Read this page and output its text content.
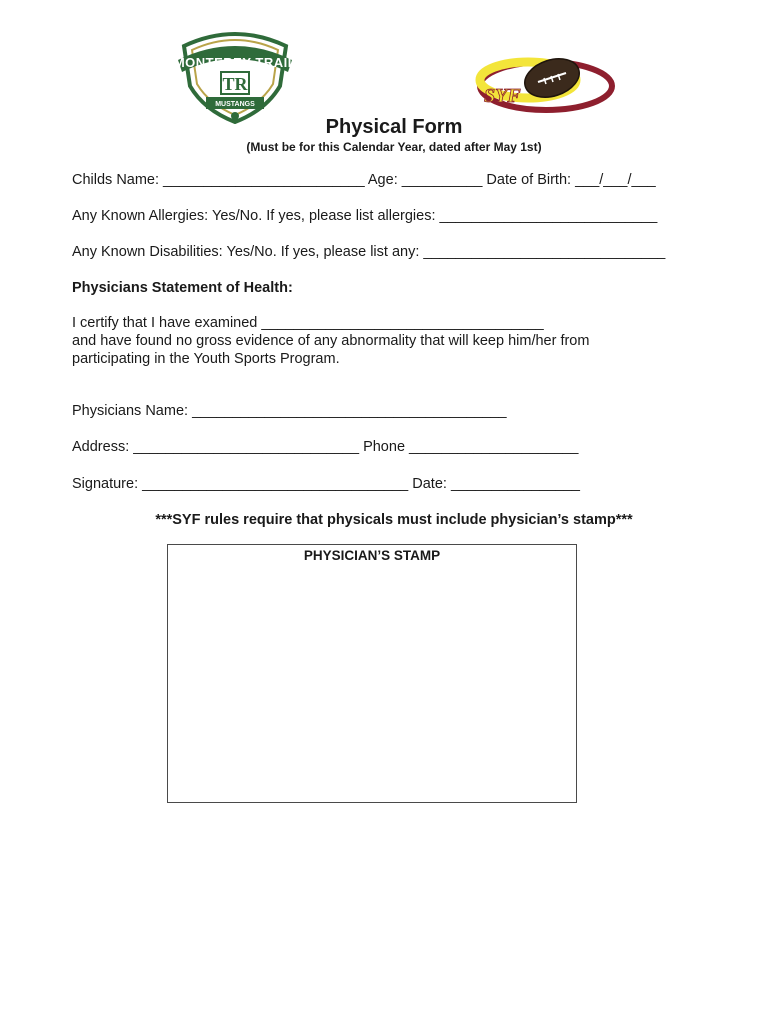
MONTEREY TRAIL
TR
MUSTANGS	SYF
Physical Form
(Must be for this Calendar Year, dated after May 1st)
Childs Name: _________________________ Age: __________ Date of Birth: ___/___/___
Any Known Allergies: Yes/No. If yes, please list allergies: ___________________________
Any Known Disabilities: Yes/No. If yes, please list any: ______________________________
Physicians Statement of Health:
I certify that I have examined ___________________________________
and have found no gross evidence of any abnormality that will keep him/her from
participating in the Youth Sports Program.
Physicians Name: _______________________________________
Address: ____________________________ Phone _____________________
Signature: _________________________________ Date: ________________
***SYF rules require that physicals must include physician’s stamp***
PHYSICIAN’S STAMP
